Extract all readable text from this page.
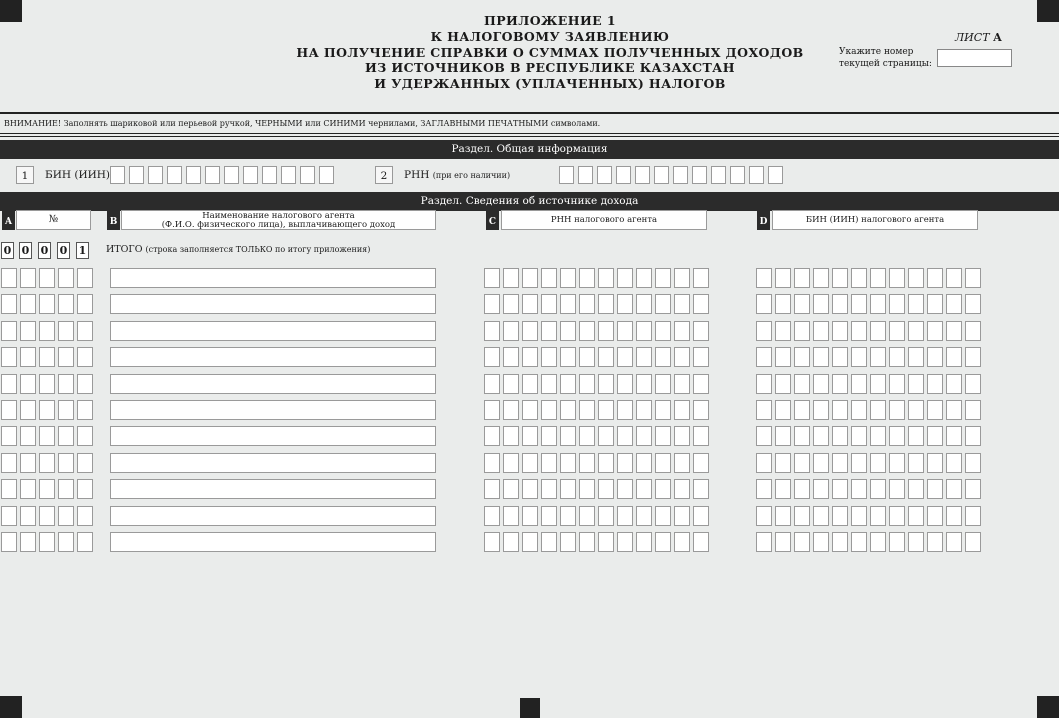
ПРИЛОЖЕНИЕ 1
К НАЛОГОВОМУ ЗАЯВЛЕНИЮ
НА ПОЛУЧЕНИЕ СПРАВКИ О СУММАХ ПОЛУЧЕННЫХ ДОХОДОВ
ИЗ ИСТОЧНИКОВ В РЕСПУБЛИКЕ КАЗАХСТАН
И УДЕРЖАННЫХ (УПЛАЧЕННЫХ) НАЛОГОВ
ЛИСТ А
Укажите номер
текущей страницы:
ВНИМАНИЕ! Заполнять шариковой или перьевой ручкой, ЧЕРНЫМИ или СИНИМИ чернилами, ЗАГЛАВНЫМИ ПЕЧАТНЫМИ символами.
Раздел. Общая информация
1	БИН (ИИН)	2	РНН (при его наличии)
Раздел. Сведения об источнике дохода
A	№	B
Наименование налогового агента
(Ф.И.О. физического лица), выплачивающего доход	C	РНН налогового агента	D	БИН (ИИН) налогового агента
0 0 0 0 1 ИТОГО (строка заполняется ТОЛЬКО по итогу приложения)
